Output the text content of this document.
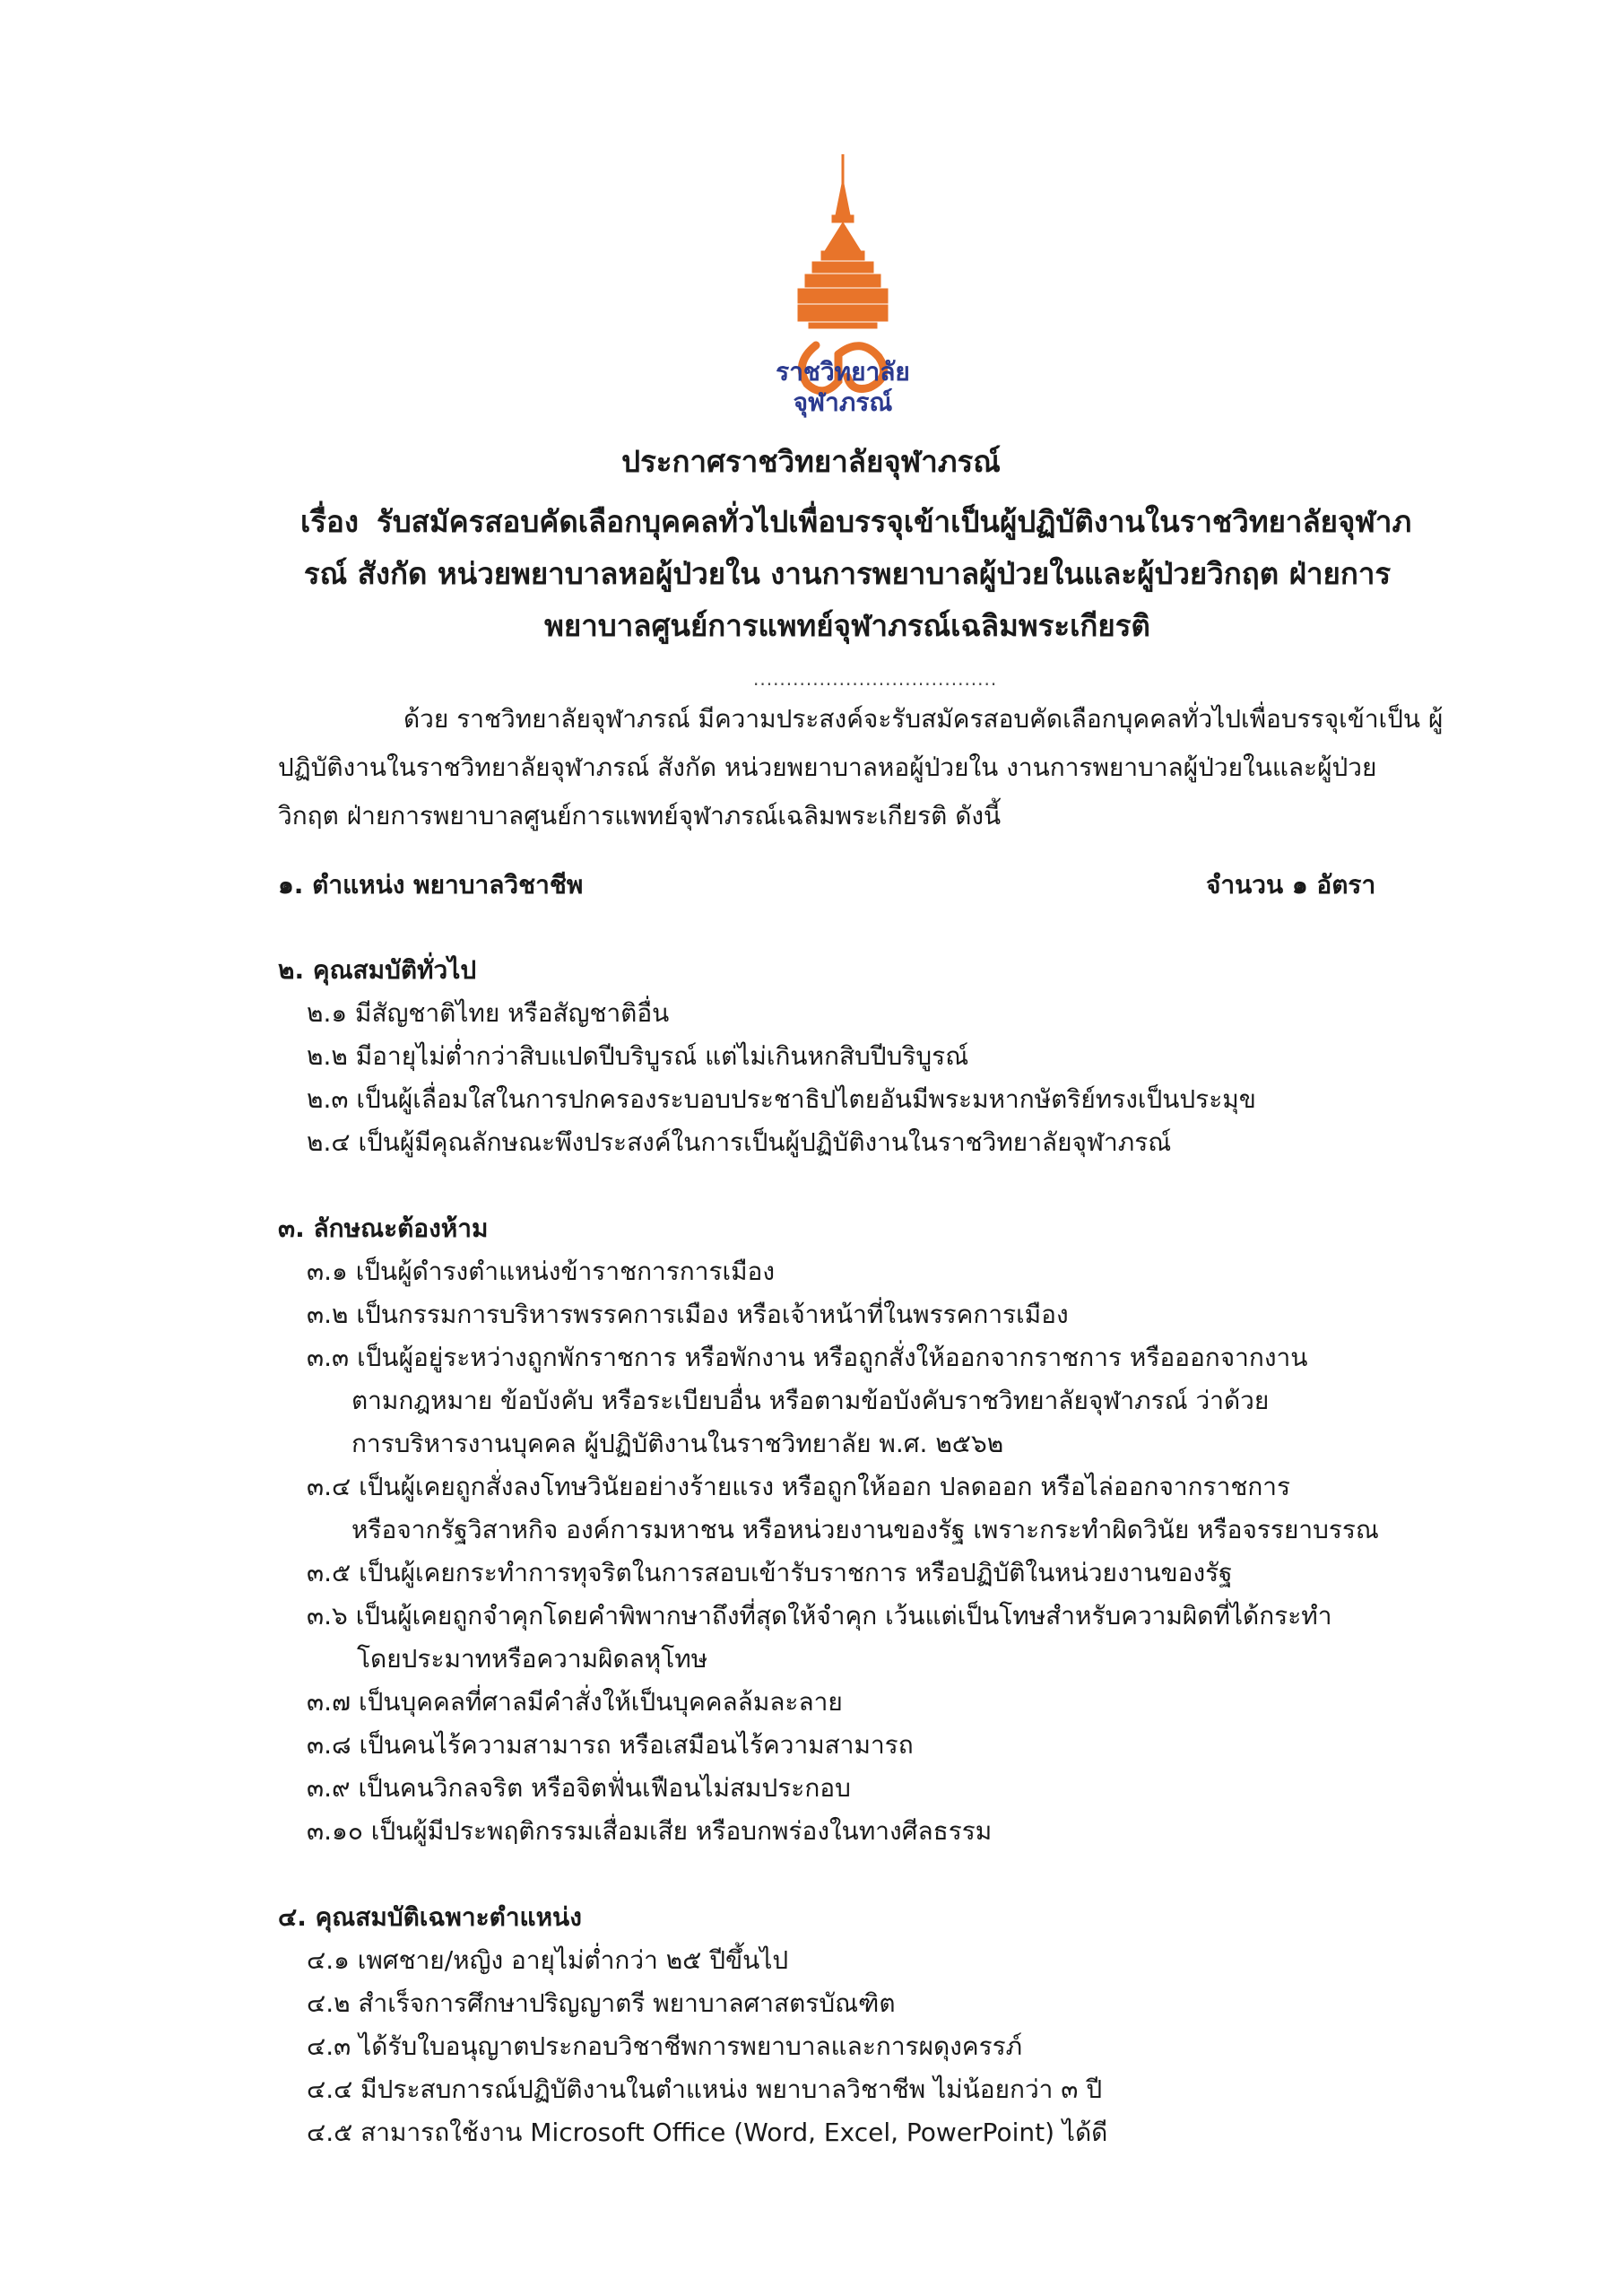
ราชวิทยาลัย
จุฬาภรณ์
ประกาศราชวิทยาลัยจุฬาภรณ์
เรื่อง รับสมัครสอบคัดเลือกบุคคลทั่วไปเพื่อบรรจุเข้าเป็นผู้ปฏิบัติงานในราชวิทยาลัยจุฬาภ
รณ์ สังกัด หน่วยพยาบาลหอผู้ป่วยใน งานการพยาบาลผู้ป่วยในและผู้ป่วยวิกฤต ฝ่ายการ
พยาบาลศูนย์การแพทย์จุฬาภรณ์เฉลิมพระเกียรติ
.....................................
ด้วย ราชวิทยาลัยจุฬาภรณ์ มีความประสงค์จะรับสมัครสอบคัดเลือกบุคคลทั่วไปเพื่อบรรจุเข้าเป็น ผู้
ปฏิบัติงานในราชวิทยาลัยจุฬาภรณ์ สังกัด หน่วยพยาบาลหอผู้ป่วยใน งานการพยาบาลผู้ป่วยในและผู้ป่วย
วิกฤต ฝ่ายการพยาบาลศูนย์การแพทย์จุฬาภรณ์เฉลิมพระเกียรติ ดังนี้
๑. ตำแหน่ง พยาบาลวิชาชีพ	จำนวน ๑ อัตรา
๒. คุณสมบัติทั่วไป
๒.๑ มีสัญชาติไทย หรือสัญชาติอื่น
๒.๒ มีอายุไม่ต่ำกว่าสิบแปดปีบริบูรณ์ แต่ไม่เกินหกสิบปีบริบูรณ์
๒.๓ เป็นผู้เลื่อมใสในการปกครองระบอบประชาธิปไตยอันมีพระมหากษัตริย์ทรงเป็นประมุข
๒.๔ เป็นผู้มีคุณลักษณะพึงประสงค์ในการเป็นผู้ปฏิบัติงานในราชวิทยาลัยจุฬาภรณ์
๓. ลักษณะต้องห้าม
๓.๑ เป็นผู้ดำรงตำแหน่งข้าราชการการเมือง
๓.๒ เป็นกรรมการบริหารพรรคการเมือง หรือเจ้าหน้าที่ในพรรคการเมือง
๓.๓ เป็นผู้อยู่ระหว่างถูกพักราชการ หรือพักงาน หรือถูกสั่งให้ออกจากราชการ หรือออกจากงาน
ตามกฎหมาย ข้อบังคับ หรือระเบียบอื่น หรือตามข้อบังคับราชวิทยาลัยจุฬาภรณ์ ว่าด้วย
การบริหารงานบุคคล ผู้ปฏิบัติงานในราชวิทยาลัย พ.ศ. ๒๕๖๒
๓.๔ เป็นผู้เคยถูกสั่งลงโทษวินัยอย่างร้ายแรง หรือถูกให้ออก ปลดออก หรือไล่ออกจากราชการ
หรือจากรัฐวิสาหกิจ องค์การมหาชน หรือหน่วยงานของรัฐ เพราะกระทำผิดวินัย หรือจรรยาบรรณ
๓.๕ เป็นผู้เคยกระทำการทุจริตในการสอบเข้ารับราชการ หรือปฏิบัติในหน่วยงานของรัฐ
๓.๖ เป็นผู้เคยถูกจำคุกโดยคำพิพากษาถึงที่สุดให้จำคุก เว้นแต่เป็นโทษสำหรับความผิดที่ได้กระทำ
โดยประมาทหรือความผิดลหุโทษ
๓.๗ เป็นบุคคลที่ศาลมีคำสั่งให้เป็นบุคคลล้มละลาย
๓.๘ เป็นคนไร้ความสามารถ หรือเสมือนไร้ความสามารถ
๓.๙ เป็นคนวิกลจริต หรือจิตฟั่นเฟือนไม่สมประกอบ
๓.๑๐ เป็นผู้มีประพฤติกรรมเสื่อมเสีย หรือบกพร่องในทางศีลธรรม
๔. คุณสมบัติเฉพาะตำแหน่ง
๔.๑ เพศชาย/หญิง อายุไม่ต่ำกว่า ๒๕ ปีขึ้นไป
๔.๒ สำเร็จการศึกษาปริญญาตรี พยาบาลศาสตรบัณฑิต
๔.๓ ได้รับใบอนุญาตประกอบวิชาชีพการพยาบาลและการผดุงครรภ์
๔.๔ มีประสบการณ์ปฏิบัติงานในตำแหน่ง พยาบาลวิชาชีพ ไม่น้อยกว่า ๓ ปี
๔.๕ สามารถใช้งาน Microsoft Office (Word, Excel, PowerPoint) ได้ดี
